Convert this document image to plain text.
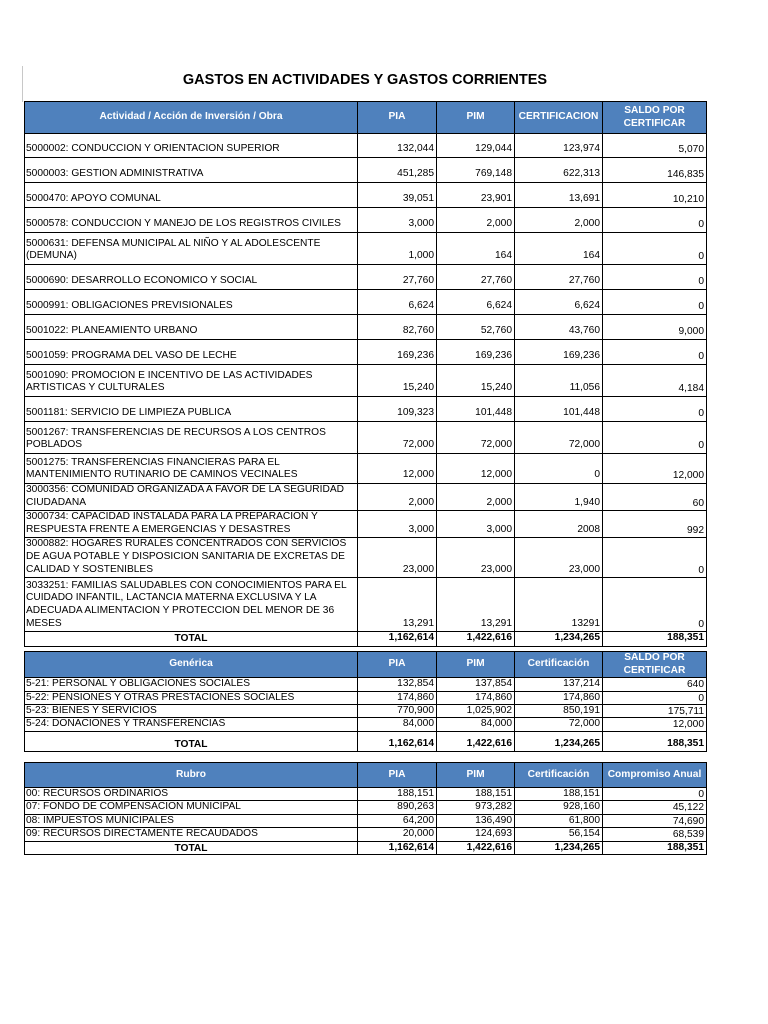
GASTOS EN ACTIVIDADES Y GASTOS CORRIENTES
Actividad / Acción de Inversión / Obra	PIA	PIM	CERTIFICACION	SALDO POR CERTIFICAR
5000002: CONDUCCION Y ORIENTACION SUPERIOR	132,044	129,044	123,974	5,070
5000003: GESTION ADMINISTRATIVA	451,285	769,148	622,313	146,835
5000470: APOYO COMUNAL	39,051	23,901	13,691	10,210
5000578: CONDUCCION Y MANEJO DE LOS REGISTROS CIVILES	3,000	2,000	2,000	0
5000631: DEFENSA MUNICIPAL AL NIÑO Y AL ADOLESCENTE (DEMUNA)	1,000	164	164	0
5000690: DESARROLLO ECONOMICO Y SOCIAL	27,760	27,760	27,760	0
5000991: OBLIGACIONES PREVISIONALES	6,624	6,624	6,624	0
5001022: PLANEAMIENTO URBANO	82,760	52,760	43,760	9,000
5001059: PROGRAMA DEL VASO DE LECHE	169,236	169,236	169,236	0
5001090: PROMOCION E INCENTIVO DE LAS ACTIVIDADES ARTISTICAS Y CULTURALES	15,240	15,240	11,056	4,184
5001181: SERVICIO DE LIMPIEZA PUBLICA	109,323	101,448	101,448	0
5001267: TRANSFERENCIAS DE RECURSOS A LOS CENTROS POBLADOS	72,000	72,000	72,000	0
5001275: TRANSFERENCIAS FINANCIERAS PARA EL MANTENIMIENTO RUTINARIO DE CAMINOS VECINALES	12,000	12,000	0	12,000
3000356: COMUNIDAD ORGANIZADA A FAVOR DE LA SEGURIDAD CIUDADANA	2,000	2,000	1,940	60
3000734: CAPACIDAD INSTALADA PARA LA PREPARACION Y RESPUESTA FRENTE A EMERGENCIAS Y DESASTRES	3,000	3,000	2008	992
3000882: HOGARES RURALES CONCENTRADOS CON SERVICIOS DE AGUA POTABLE Y DISPOSICION SANITARIA DE EXCRETAS DE CALIDAD Y SOSTENIBLES	23,000	23,000	23,000	0
3033251: FAMILIAS SALUDABLES CON CONOCIMIENTOS PARA EL CUIDADO INFANTIL, LACTANCIA MATERNA EXCLUSIVA Y LA ADECUADA ALIMENTACION Y PROTECCION DEL MENOR DE 36 MESES	13,291	13,291	13291	0
TOTAL	1,162,614	1,422,616	1,234,265	188,351
Genérica	PIA	PIM	Certificación	SALDO POR CERTIFICAR
5-21: PERSONAL Y OBLIGACIONES SOCIALES	132,854	137,854	137,214	640
5-22: PENSIONES Y OTRAS PRESTACIONES SOCIALES	174,860	174,860	174,860	0
5-23: BIENES Y SERVICIOS	770,900	1,025,902	850,191	175,711
5-24: DONACIONES Y TRANSFERENCIAS	84,000	84,000	72,000	12,000
TOTAL	1,162,614	1,422,616	1,234,265	188,351
Rubro	PIA	PIM	Certificación	Compromiso Anual
00: RECURSOS ORDINARIOS	188,151	188,151	188,151	0
07: FONDO DE COMPENSACION MUNICIPAL	890,263	973,282	928,160	45,122
08: IMPUESTOS MUNICIPALES	64,200	136,490	61,800	74,690
09: RECURSOS DIRECTAMENTE RECAUDADOS	20,000	124,693	56,154	68,539
TOTAL	1,162,614	1,422,616	1,234,265	188,351
